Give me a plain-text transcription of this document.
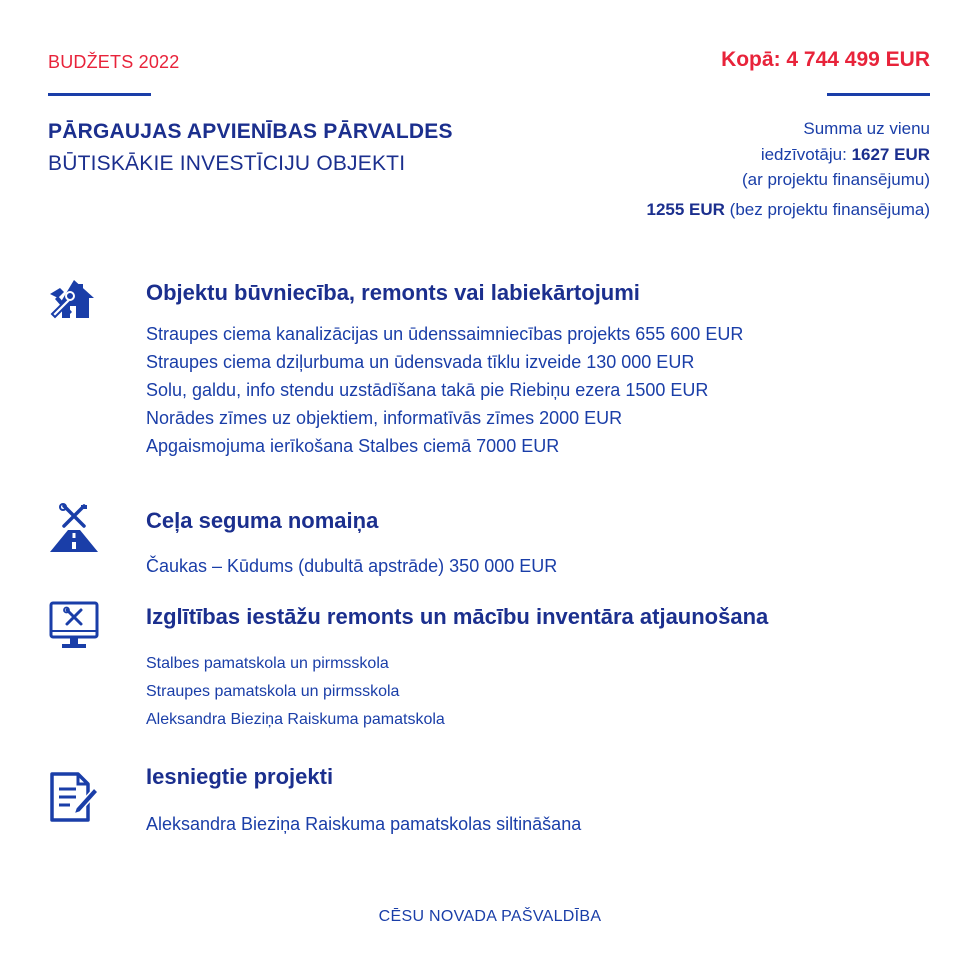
BUDŽETS 2022	Kopā: 4 744 499 EUR
PĀRGAUJAS APVIENĪBAS PĀRVALDES
BŪTISKĀKIE INVESTĪCIJU OBJEKTI
Summa uz vienu
iedzīvotāju: 1627 EUR
(ar projektu finansējumu)
1255 EUR (bez projektu finansējuma)
Objektu būvniecība, remonts vai labiekārtojumi
Straupes ciema kanalizācijas un ūdenssaimniecības projekts 655 600 EUR
Straupes ciema dziļurbuma un ūdensvada tīklu izveide 130 000 EUR
Solu, galdu, info stendu uzstādīšana takā pie Riebiņu ezera 1500 EUR
Norādes zīmes uz objektiem, informatīvās zīmes 2000 EUR
Apgaismojuma ierīkošana Stalbes ciemā 7000 EUR
Ceļa seguma nomaiņa
Čaukas – Kūdums (dubultā apstrāde) 350 000 EUR
Izglītības iestāžu remonts un mācību inventāra atjaunošana
Stalbes pamatskola un pirmsskola
Straupes pamatskola un pirmsskola
Aleksandra Bieziņa Raiskuma pamatskola
Iesniegtie projekti
Aleksandra Bieziņa Raiskuma pamatskolas siltināšana
CĒSU NOVADA PAŠVALDĪBA
